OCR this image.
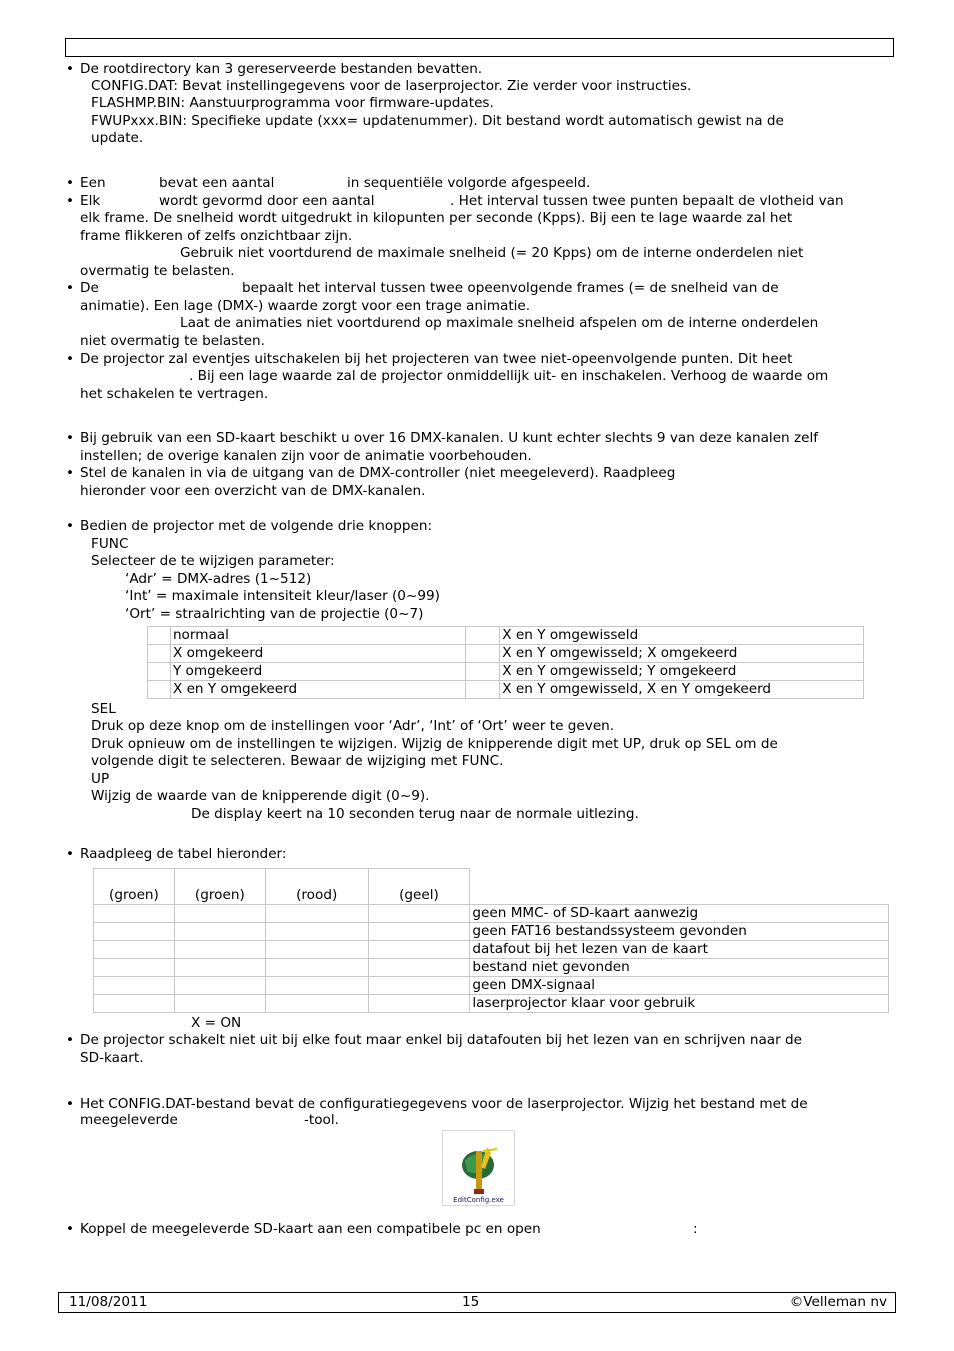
De rootdirectory kan 3 gereserveerde bestanden bevatten.
CONFIG.DAT: Bevat instellingegevens voor de laserprojector. Zie verder voor instructies.
FLASHMP.BIN: Aanstuurprogramma voor firmware-updates.
FWUPxxx.BIN: Specifieke update (xxx= updatenummer). Dit bestand wordt automatisch gewist na de
update.
Een	bevat een aantal	in sequentiële volgorde afgespeeld.
Elk	wordt gevormd door een aantal	. Het interval tussen twee punten bepaalt de vlotheid van
elk frame. De snelheid wordt uitgedrukt in kilopunten per seconde (Kpps). Bij een te lage waarde zal het
frame flikkeren of zelfs onzichtbaar zijn.
Gebruik niet voortdurend de maximale snelheid (= 20 Kpps) om de interne onderdelen niet
overmatig te belasten.
De	bepaalt het interval tussen twee opeenvolgende frames (= de snelheid van de
animatie). Een lage (DMX-) waarde zorgt voor een trage animatie.
Laat de animaties niet voortdurend op maximale snelheid afspelen om de interne onderdelen
niet overmatig te belasten.
De projector zal eventjes uitschakelen bij het projecteren van twee niet-opeenvolgende punten. Dit heet
. Bij een lage waarde zal de projector onmiddellijk uit- en inschakelen. Verhoog de waarde om
het schakelen te vertragen.
Bij gebruik van een SD-kaart beschikt u over 16 DMX-kanalen. U kunt echter slechts 9 van deze kanalen zelf
instellen; de overige kanalen zijn voor de animatie voorbehouden.
Stel de kanalen in via de uitgang van de DMX-controller (niet meegeleverd). Raadpleeg
hieronder voor een overzicht van de DMX-kanalen.
Bedien de projector met de volgende drie knoppen:
FUNC
Selecteer de te wijzigen parameter:
‘Adr’ = DMX-adres (1~512)
‘Int’ = maximale intensiteit kleur/laser (0~99)
‘Ort’ = straalrichting van de projectie (0~7)
	normaal		X en Y omgewisseld
	X omgekeerd		X en Y omgewisseld; X omgekeerd
	Y omgekeerd		X en Y omgewisseld; Y omgekeerd
	X en Y omgekeerd		X en Y omgewisseld, X en Y omgekeerd
SEL
Druk op deze knop om de instellingen voor ‘Adr’, ‘Int’ of ‘Ort’ weer te geven.
Druk opnieuw om de instellingen te wijzigen. Wijzig de knipperende digit met UP, druk op SEL om de
volgende digit te selecteren. Bewaar de wijziging met FUNC.
UP
Wijzig de waarde van de knipperende digit (0~9).
De display keert na 10 seconden terug naar de normale uitlezing.
Raadpleeg de tabel hieronder:
(groen)	(groen)	(rood)	(geel)	
				geen MMC- of SD-kaart aanwezig
				geen FAT16 bestandssysteem gevonden
				datafout bij het lezen van de kaart
				bestand niet gevonden
				geen DMX-signaal
				laserprojector klaar voor gebruik
X = ON
De projector schakelt niet uit bij elke fout maar enkel bij datafouten bij het lezen van en schrijven naar de
SD-kaart.
Het CONFIG.DAT-bestand bevat de configuratiegegevens voor de laserprojector. Wijzig het bestand met de
meegeleverde	-tool.
EditConfig.exe
Koppel de meegeleverde SD-kaart aan een compatibele pc en open	:
11/08/2011	15	©Velleman nv
